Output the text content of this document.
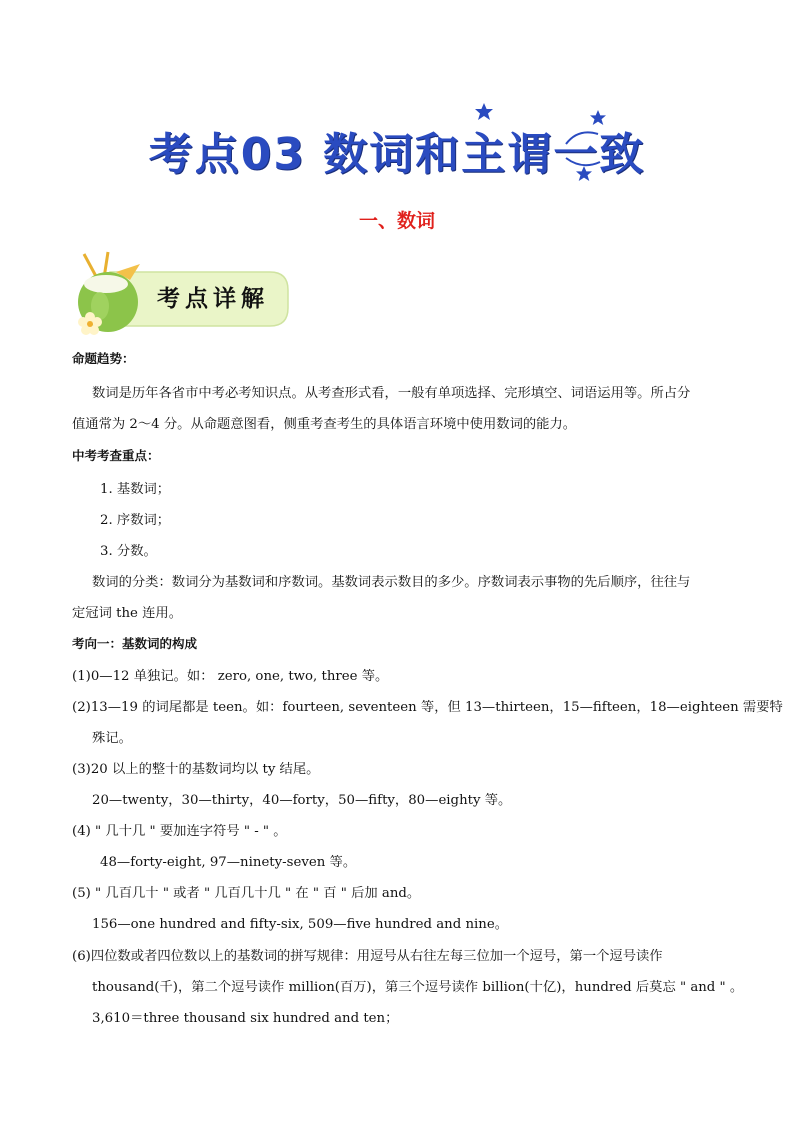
考点03 数词和主谓一致
一、数词
考点详解
命题趋势：
数词是历年各省市中考必考知识点。从考查形式看，一般有单项选择、完形填空、词语运用等。所占分
值通常为 2～4 分。从命题意图看，侧重考查考生的具体语言环境中使用数词的能力。
中考考查重点：
1. 基数词；
2. 序数词；
3. 分数。
数词的分类：数词分为基数词和序数词。基数词表示数目的多少。序数词表示事物的先后顺序，往往与
定冠词 the 连用。
考向一：基数词的构成
(1)0—12 单独记。如： zero, one, two, three 等。
(2)13—19 的词尾都是 teen。如：fourteen, seventeen 等，但 13—thirteen，15—fifteen，18—eighteen 需要特
殊记。
(3)20 以上的整十的基数词均以 ty 结尾。
20—twenty，30—thirty，40—forty，50—fifty，80—eighty 等。
(4) " 几十几 " 要加连字符号 " - " 。
48—forty-eight, 97—ninety-seven 等。
(5) " 几百几十 " 或者 " 几百几十几 " 在 " 百 " 后加 and。
156—one hundred and fifty-six, 509—five hundred and nine。
(6)四位数或者四位数以上的基数词的拼写规律：用逗号从右往左每三位加一个逗号，第一个逗号读作
thousand(千)，第二个逗号读作 million(百万)，第三个逗号读作 billion(十亿)，hundred 后莫忘 " and " 。
3,610＝three thousand six hundred and ten；
